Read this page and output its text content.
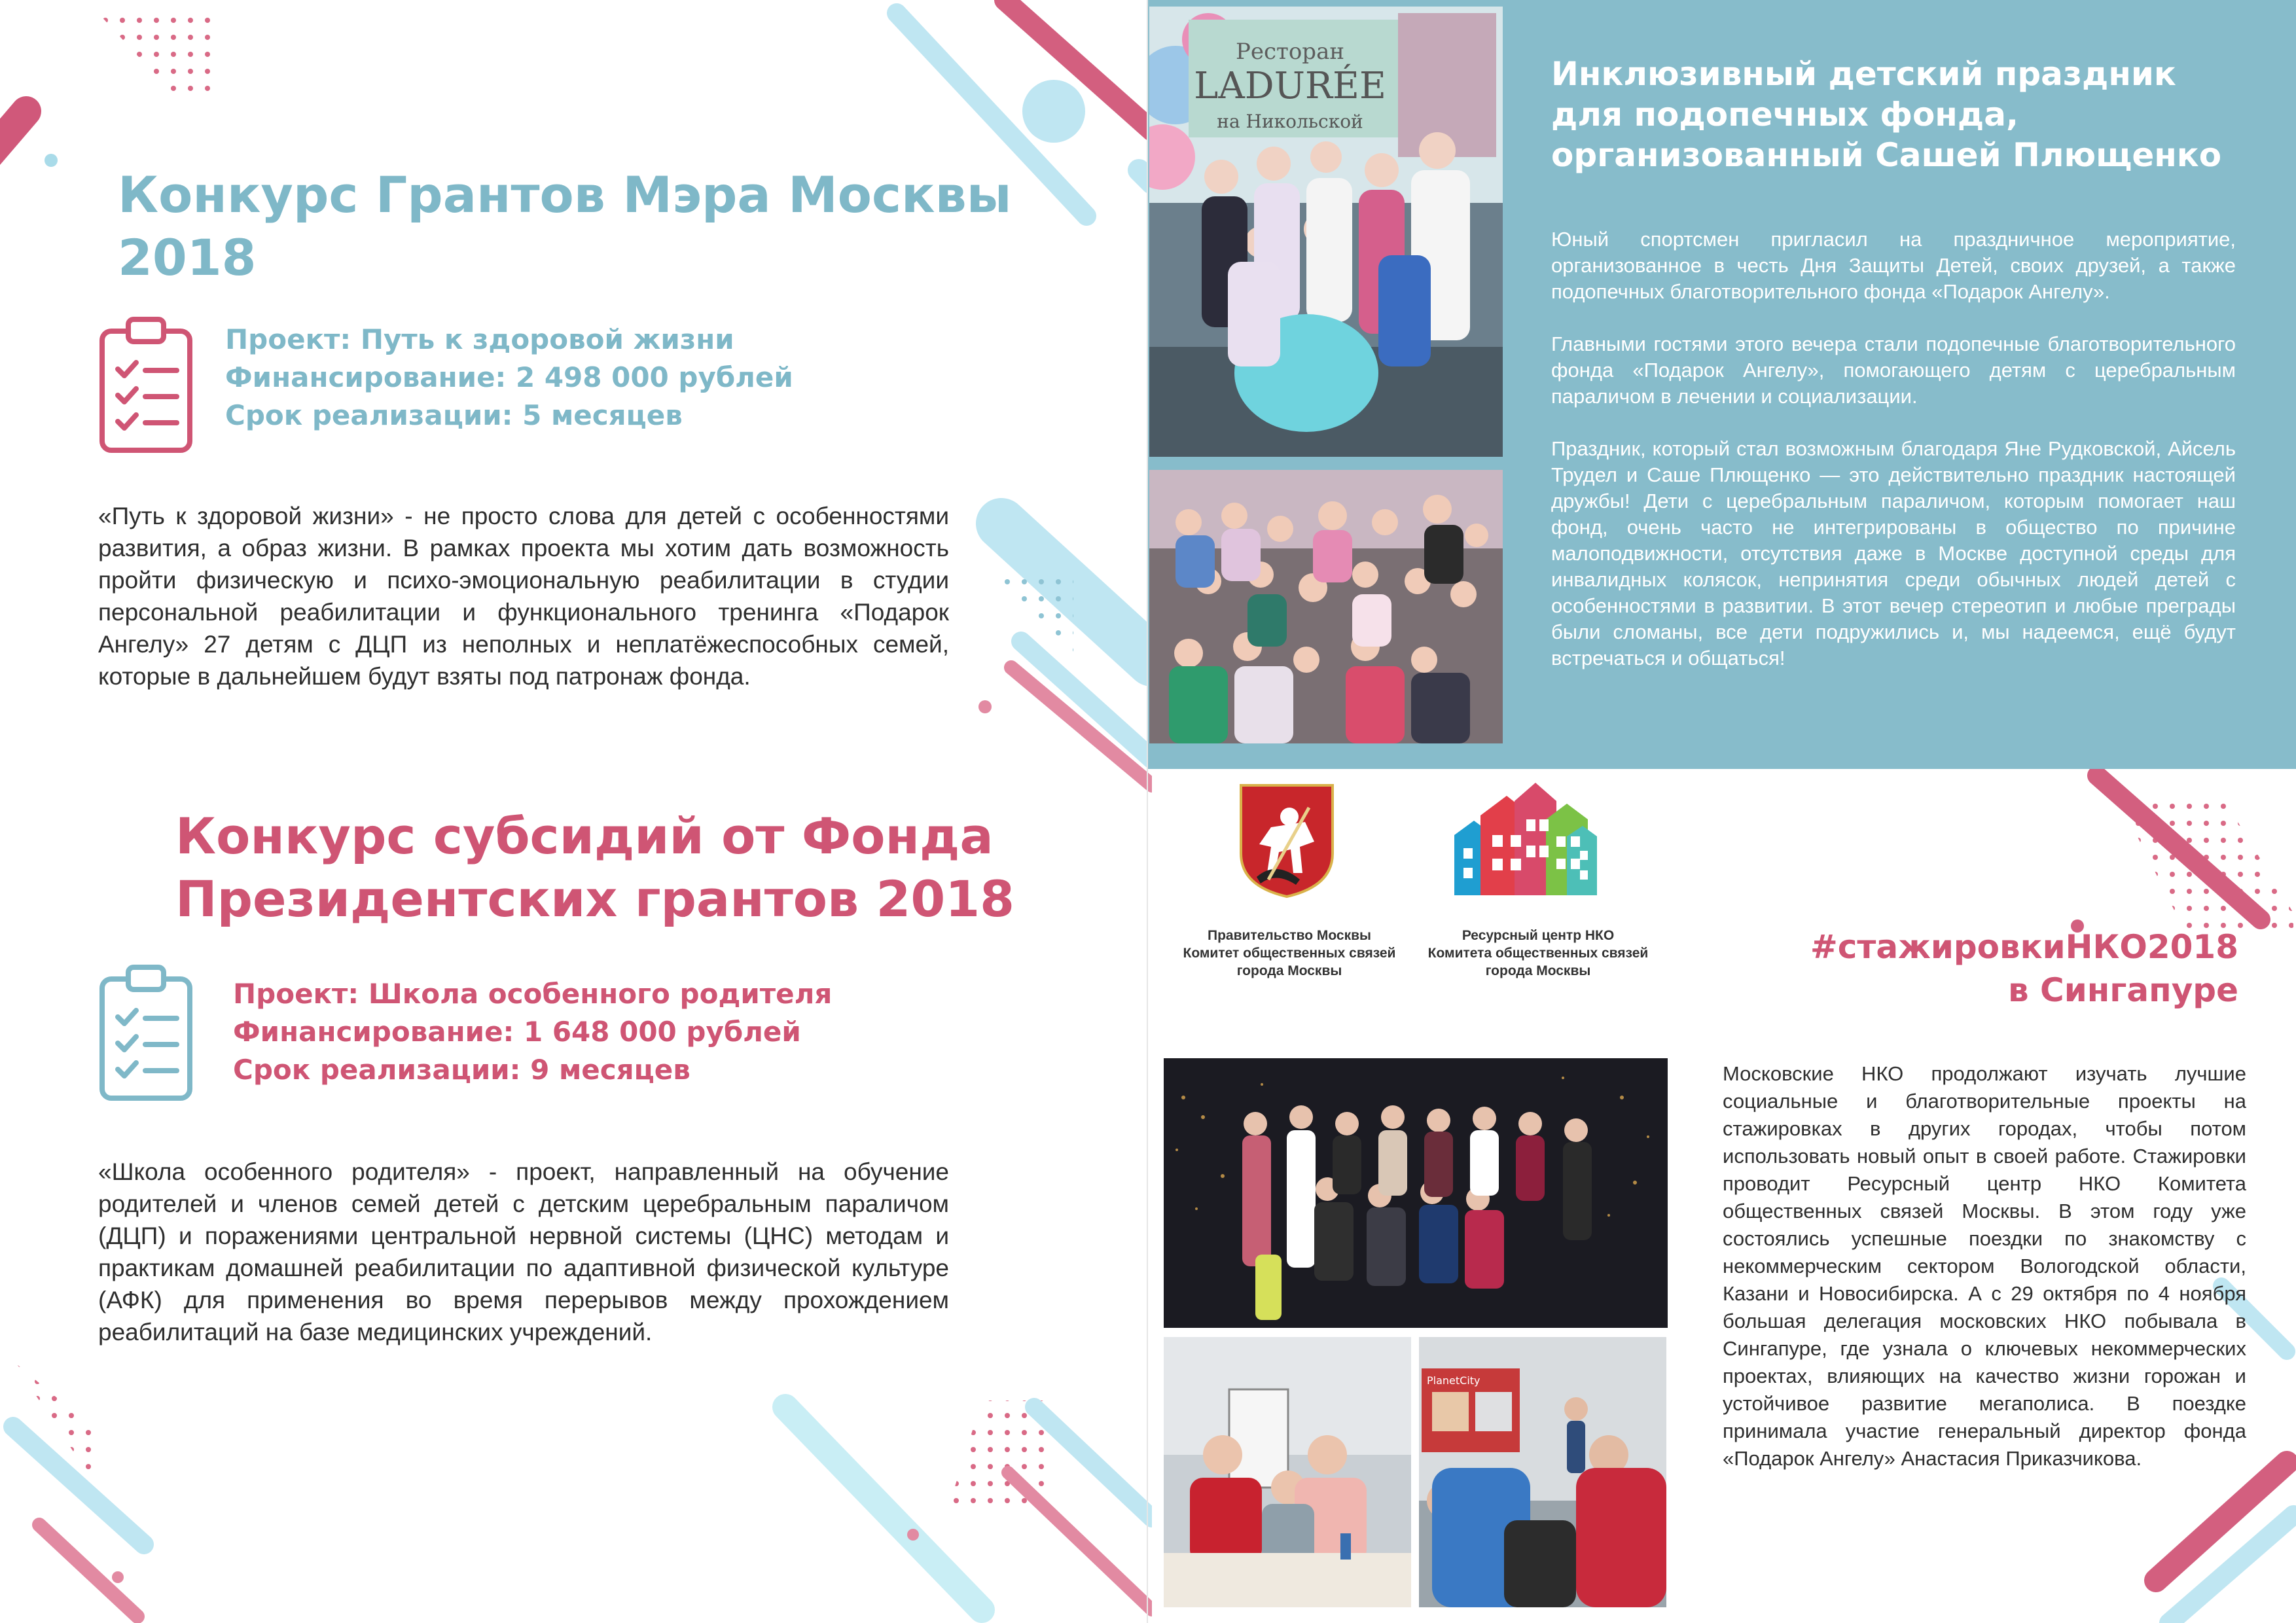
Конкурс Грантов Мэра Москвы 2018
Проект: Путь к здоровой жизни
Финансирование: 2 498 000 рублей
Срок реализации: 5 месяцев

«Путь к здоровой жизни» - не просто слова для детей с особенностями развития, а образ жизни. В рамках проекта мы хотим дать возможность пройти физическую и психо-эмоциональную реабилитации в студии персональной реабилитации и функционального тренинга «Подарок Ангелу» 27 детям с ДЦП из неполных и неплатёжеспособных семей, которые в дальнейшем будут взяты под патронаж фонда.

Конкурс субсидий от Фонда
Президентских грантов 2018
Проект: Школа особенного родителя
Финансирование: 1 648 000 рублей
Срок реализации: 9 месяцев

«Школа особенного родителя» - проект, направленный на обучение родителей и членов семей детей с детским церебральным параличом (ДЦП) и поражениями центральной нервной системы (ЦНС) методам и практикам домашней реабилитации по адаптивной физической культуре (АФК) для применения во время перерывов между прохождением реабилитаций на базе медицинских учреждений.

Ресторан
LADURÉE
на Никольской
Инклюзивный детский праздник
для подопечных фонда,
организованный Сашей Плющенко

Юный спортсмен пригласил на праздничное мероприятие, организованное в честь Дня Защиты Детей, своих друзей, а также подопечных благотворительного фонда «Подарок Ангелу».

Главными гостями этого вечера стали подопечные благотворительного фонда «Подарок Ангелу», помогающего детям с церебральным параличом в лечении и социализации.

Праздник, который стал возможным благодаря Яне Рудковской, Айсель Трудел и Саше Плющенко — это действительно праздник настоящей дружбы! Дети с церебральным параличом, которым помогает наш фонд, очень часто не интегрированы в общество по причине малоподвижности, отсутствия даже в Москве доступной среды для инвалидных колясок, непринятия среди обычных людей детей с особенностями в развитии. В этот вечер стереотип и любые преграды были сломаны, все дети подружились и, мы надеемся, ещё будут встречаться и общаться!

Правительство Москвы
Комитет общественных связей
города Москвы
Ресурсный центр НКО
Комитета общественных связей
города Москвы
#стажировкиНКО2018
в Сингапуре
PlanetCity

Московские НКО продолжают изучать лучшие социальные и благотворительные проекты на стажировках в других городах, чтобы потом использовать новый опыт в своей работе. Стажировки проводит Ресурсный центр НКО Комитета общественных связей Москвы. В этом году уже состоялись успешные поездки по знакомству с некоммерческим сектором Вологодской области, Казани и Новосибирска. А с 29 октября по 4 ноября большая делегация московских НКО побывала в Сингапуре, где узнала о ключевых некоммерческих проектах, влияющих на качество жизни горожан и устойчивое развитие мегаполиса. В поездке принимала участие генеральный директор фонда «Подарок Ангелу» Анастасия Приказчикова.
